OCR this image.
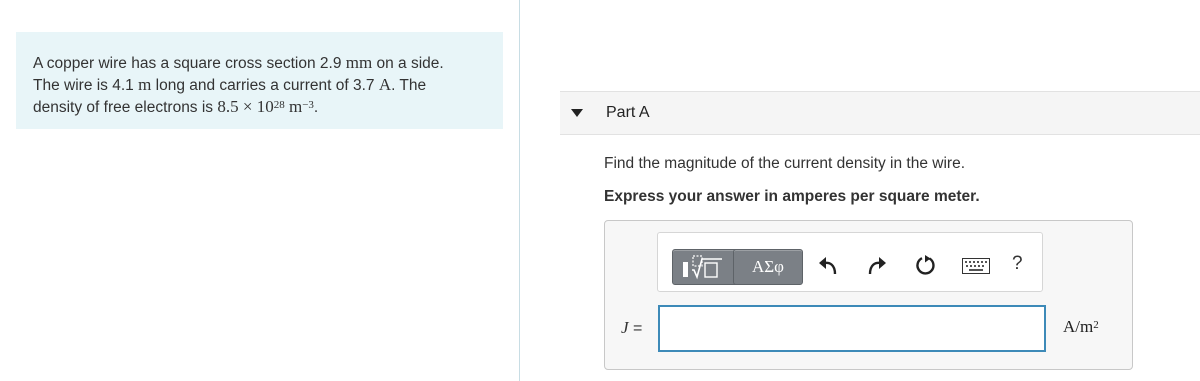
A copper wire has a square cross section 2.9 mm on a side.
The wire is 4.1 m long and carries a current of 3.7 A. The
density of free electrons is $8.5 \times 10^{28}$ $m^{-3}$.	Part A
Find the magnitude of the current density in the wire.
Express your answer in amperes per square meter.
ΑΣφ	?
J =	$A/m^2$
